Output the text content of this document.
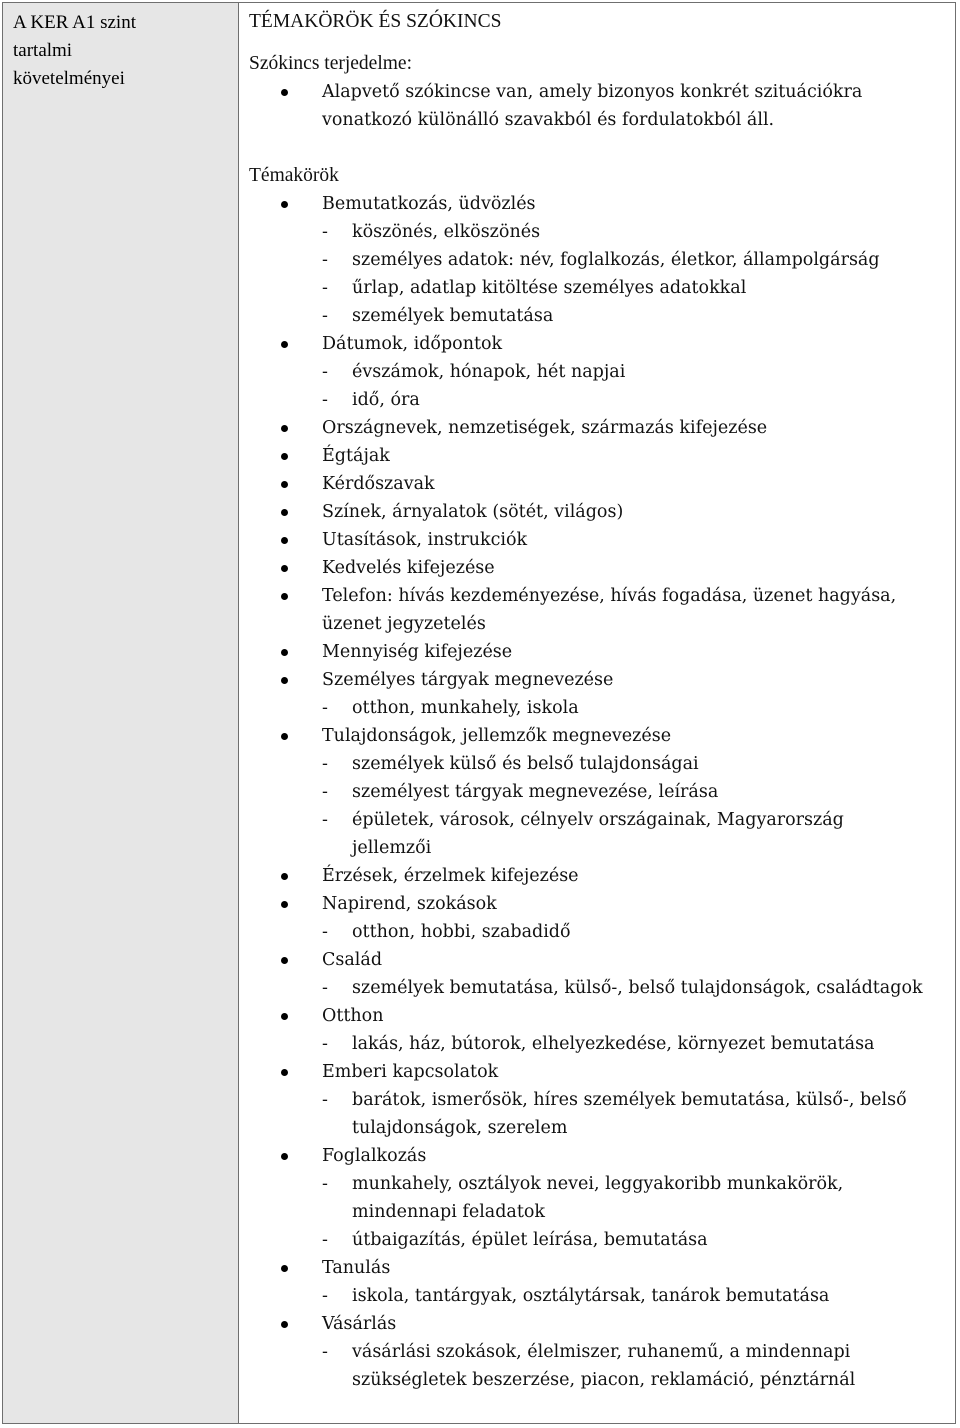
A KER A1 szint
tartalmi
követelményei
TÉMAKÖRÖK ÉS SZÓKINCS
Szókincs terjedelme:
Alapvető szókincse van, amely bizonyos konkrét szituációkra
vonatkozó különálló szavakból és fordulatokból áll.
Témakörök
Bemutatkozás, üdvözlés
- köszönés, elköszönés
- személyes adatok: név, foglalkozás, életkor, állampolgárság
- űrlap, adatlap kitöltése személyes adatokkal
- személyek bemutatása
Dátumok, időpontok
- évszámok, hónapok, hét napjai
- idő, óra
Országnevek, nemzetiségek, származás kifejezése
Égtájak
Kérdőszavak
Színek, árnyalatok (sötét, világos)
Utasítások, instrukciók
Kedvelés kifejezése
Telefon: hívás kezdeményezése, hívás fogadása, üzenet hagyása,
üzenet jegyzetelés
Mennyiség kifejezése
Személyes tárgyak megnevezése
- otthon, munkahely, iskola
Tulajdonságok, jellemzők megnevezése
- személyek külső és belső tulajdonságai
- személyest tárgyak megnevezése, leírása
- épületek, városok, célnyelv országainak, Magyarország
jellemzői
Érzések, érzelmek kifejezése
Napirend, szokások
- otthon, hobbi, szabadidő
Család
- személyek bemutatása, külső-, belső tulajdonságok, családtagok
Otthon
- lakás, ház, bútorok, elhelyezkedése, környezet bemutatása
Emberi kapcsolatok
- barátok, ismerősök, híres személyek bemutatása, külső-, belső
tulajdonságok, szerelem
Foglalkozás
- munkahely, osztályok nevei, leggyakoribb munkakörök,
mindennapi feladatok
- útbaigazítás, épület leírása, bemutatása
Tanulás
- iskola, tantárgyak, osztálytársak, tanárok bemutatása
Vásárlás
- vásárlási szokások, élelmiszer, ruhanemű, a mindennapi
szükségletek beszerzése, piacon, reklamáció, pénztárnál
